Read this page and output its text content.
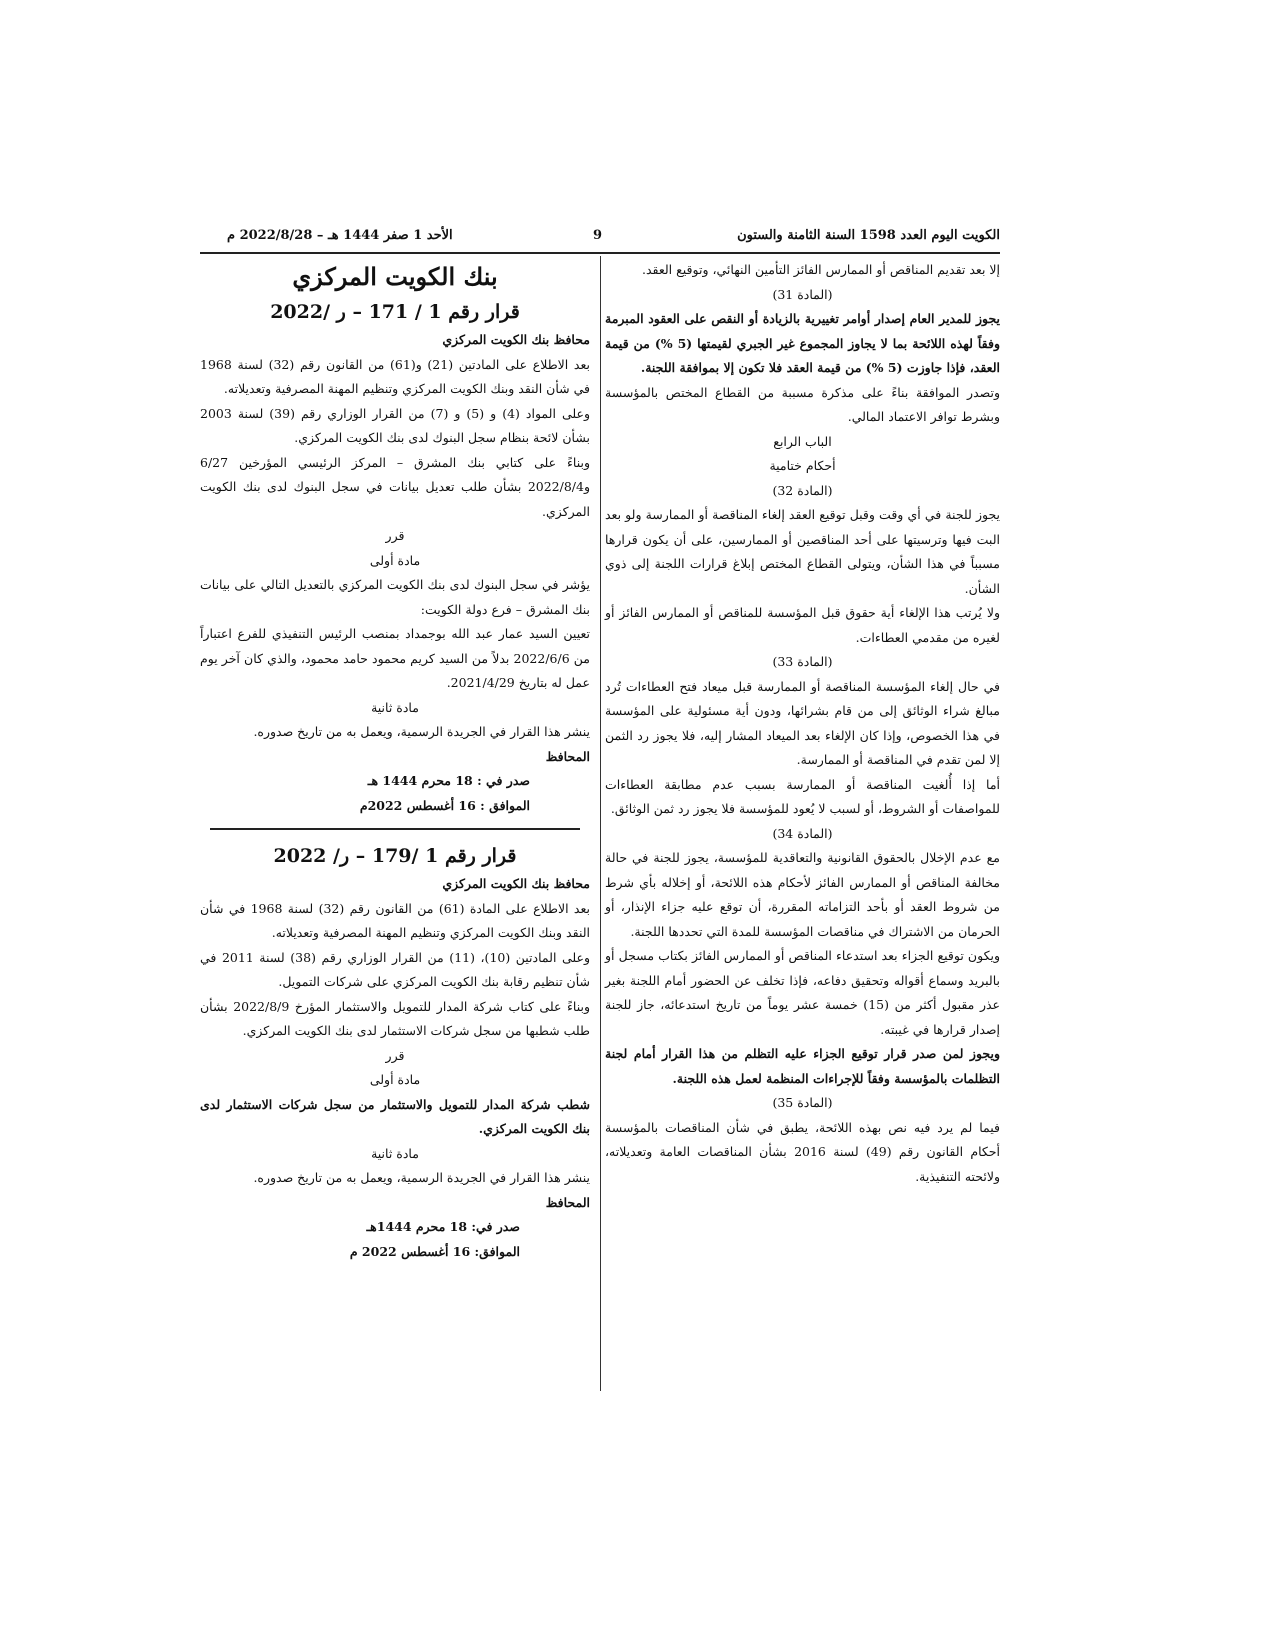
الكويت اليوم العدد 1598 السنة الثامنة والستون
9
الأحد 1 صفر 1444 هـ – 2022/8/28 م

إلا بعد تقديم المناقص أو الممارس الفائز التأمين النهائي، وتوقيع العقد.

(المادة 31)

يجوز للمدير العام إصدار أوامر تغييرية بالزيادة أو النقص على العقود المبرمة وفقاً لهذه اللائحة بما لا يجاوز المجموع غير الجبري لقيمتها (5 %) من قيمة العقد، فإذا جاوزت (5 %) من قيمة العقد فلا تكون إلا بموافقة اللجنة.

وتصدر الموافقة بناءً على مذكرة مسببة من القطاع المختص بالمؤسسة وبشرط توافر الاعتماد المالي.

الباب الرابع

أحكام ختامية

(المادة 32)

يجوز للجنة في أي وقت وقبل توقيع العقد إلغاء المناقصة أو الممارسة ولو بعد البت فيها وترسيتها على أحد المناقصين أو الممارسين، على أن يكون قرارها مسبباً في هذا الشأن، ويتولى القطاع المختص إبلاغ قرارات اللجنة إلى ذوي الشأن.

ولا يُرتب هذا الإلغاء أية حقوق قبل المؤسسة للمناقص أو الممارس الفائز أو لغيره من مقدمي العطاءات.

(المادة 33)

في حال إلغاء المؤسسة المناقصة أو الممارسة قبل ميعاد فتح العطاءات تُرد مبالغ شراء الوثائق إلى من قام بشرائها، ودون أية مسئولية على المؤسسة في هذا الخصوص، وإذا كان الإلغاء بعد الميعاد المشار إليه، فلا يجوز رد الثمن إلا لمن تقدم في المناقصة أو الممارسة.

أما إذا أُلغيت المناقصة أو الممارسة بسبب عدم مطابقة العطاءات للمواصفات أو الشروط، أو لسبب لا يُعود للمؤسسة فلا يجوز رد ثمن الوثائق.

(المادة 34)

مع عدم الإخلال بالحقوق القانونية والتعاقدية للمؤسسة، يجوز للجنة في حالة مخالفة المناقص أو الممارس الفائز لأحكام هذه اللائحة، أو إخلاله بأي شرط من شروط العقد أو بأحد التزاماته المقررة، أن توقع عليه جزاء الإنذار، أو الحرمان من الاشتراك في مناقصات المؤسسة للمدة التي تحددها اللجنة.

ويكون توقيع الجزاء بعد استدعاء المناقص أو الممارس الفائز بكتاب مسجل أو بالبريد وسماع أقواله وتحقيق دفاعه، فإذا تخلف عن الحضور أمام اللجنة بغير عذر مقبول أكثر من (15) خمسة عشر يوماً من تاريخ استدعائه، جاز للجنة إصدار قرارها في غيبته.

ويجوز لمن صدر قرار توقيع الجزاء عليه التظلم من هذا القرار أمام لجنة التظلمات بالمؤسسة وفقاً للإجراءات المنظمة لعمل هذه اللجنة.

(المادة 35)

فيما لم يرد فيه نص بهذه اللائحة، يطبق في شأن المناقصات بالمؤسسة أحكام القانون رقم (49) لسنة 2016 بشأن المناقصات العامة وتعديلاته، ولائحته التنفيذية.

بنك الكويت المركزي

قرار رقم 1 / 171 – ر /2022

محافظ بنك الكويت المركزي

بعد الاطلاع على المادتين (21) و(61) من القانون رقم (32) لسنة 1968 في شأن النقد وبنك الكويت المركزي وتنظيم المهنة المصرفية وتعديلاته.

وعلى المواد (4) و (5) و (7) من القرار الوزاري رقم (39) لسنة 2003 بشأن لائحة بنظام سجل البنوك لدى بنك الكويت المركزي.

وبناءً على كتابي بنك المشرق – المركز الرئيسي المؤرخين 6/27 و2022/8/4 بشأن طلب تعديل بيانات في سجل البنوك لدى بنك الكويت المركزي.

قرر

مادة أولى

يؤشر في سجل البنوك لدى بنك الكويت المركزي بالتعديل التالي على بيانات بنك المشرق – فرع دولة الكويت:

تعيين السيد عمار عبد الله بوجمداد بمنصب الرئيس التنفيذي للفرع اعتباراً من 2022/6/6 بدلاً من السيد كريم محمود حامد محمود، والذي كان آخر يوم عمل له بتاريخ 2021/4/29.

مادة ثانية

ينشر هذا القرار في الجريدة الرسمية، ويعمل به من تاريخ صدوره.

المحافظ

صدر في : 18 محرم 1444 هـ

الموافق : 16 أغسطس 2022م

قرار رقم 1 /179 – ر/ 2022

محافظ بنك الكويت المركزي

بعد الاطلاع على المادة (61) من القانون رقم (32) لسنة 1968 في شأن النقد وبنك الكويت المركزي وتنظيم المهنة المصرفية وتعديلاته.

وعلى المادتين (10)، (11) من القرار الوزاري رقم (38) لسنة 2011 في شأن تنظيم رقابة بنك الكويت المركزي على شركات التمويل.

وبناءً على كتاب شركة المدار للتمويل والاستثمار المؤرخ 2022/8/9 بشأن طلب شطبها من سجل شركات الاستثمار لدى بنك الكويت المركزي.

قرر

مادة أولى

شطب شركة المدار للتمويل والاستثمار من سجل شركات الاستثمار لدى بنك الكويت المركزي.

مادة ثانية

ينشر هذا القرار في الجريدة الرسمية، ويعمل به من تاريخ صدوره.

المحافظ

صدر في: 18 محرم 1444هـ

الموافق: 16 أغسطس 2022 م
